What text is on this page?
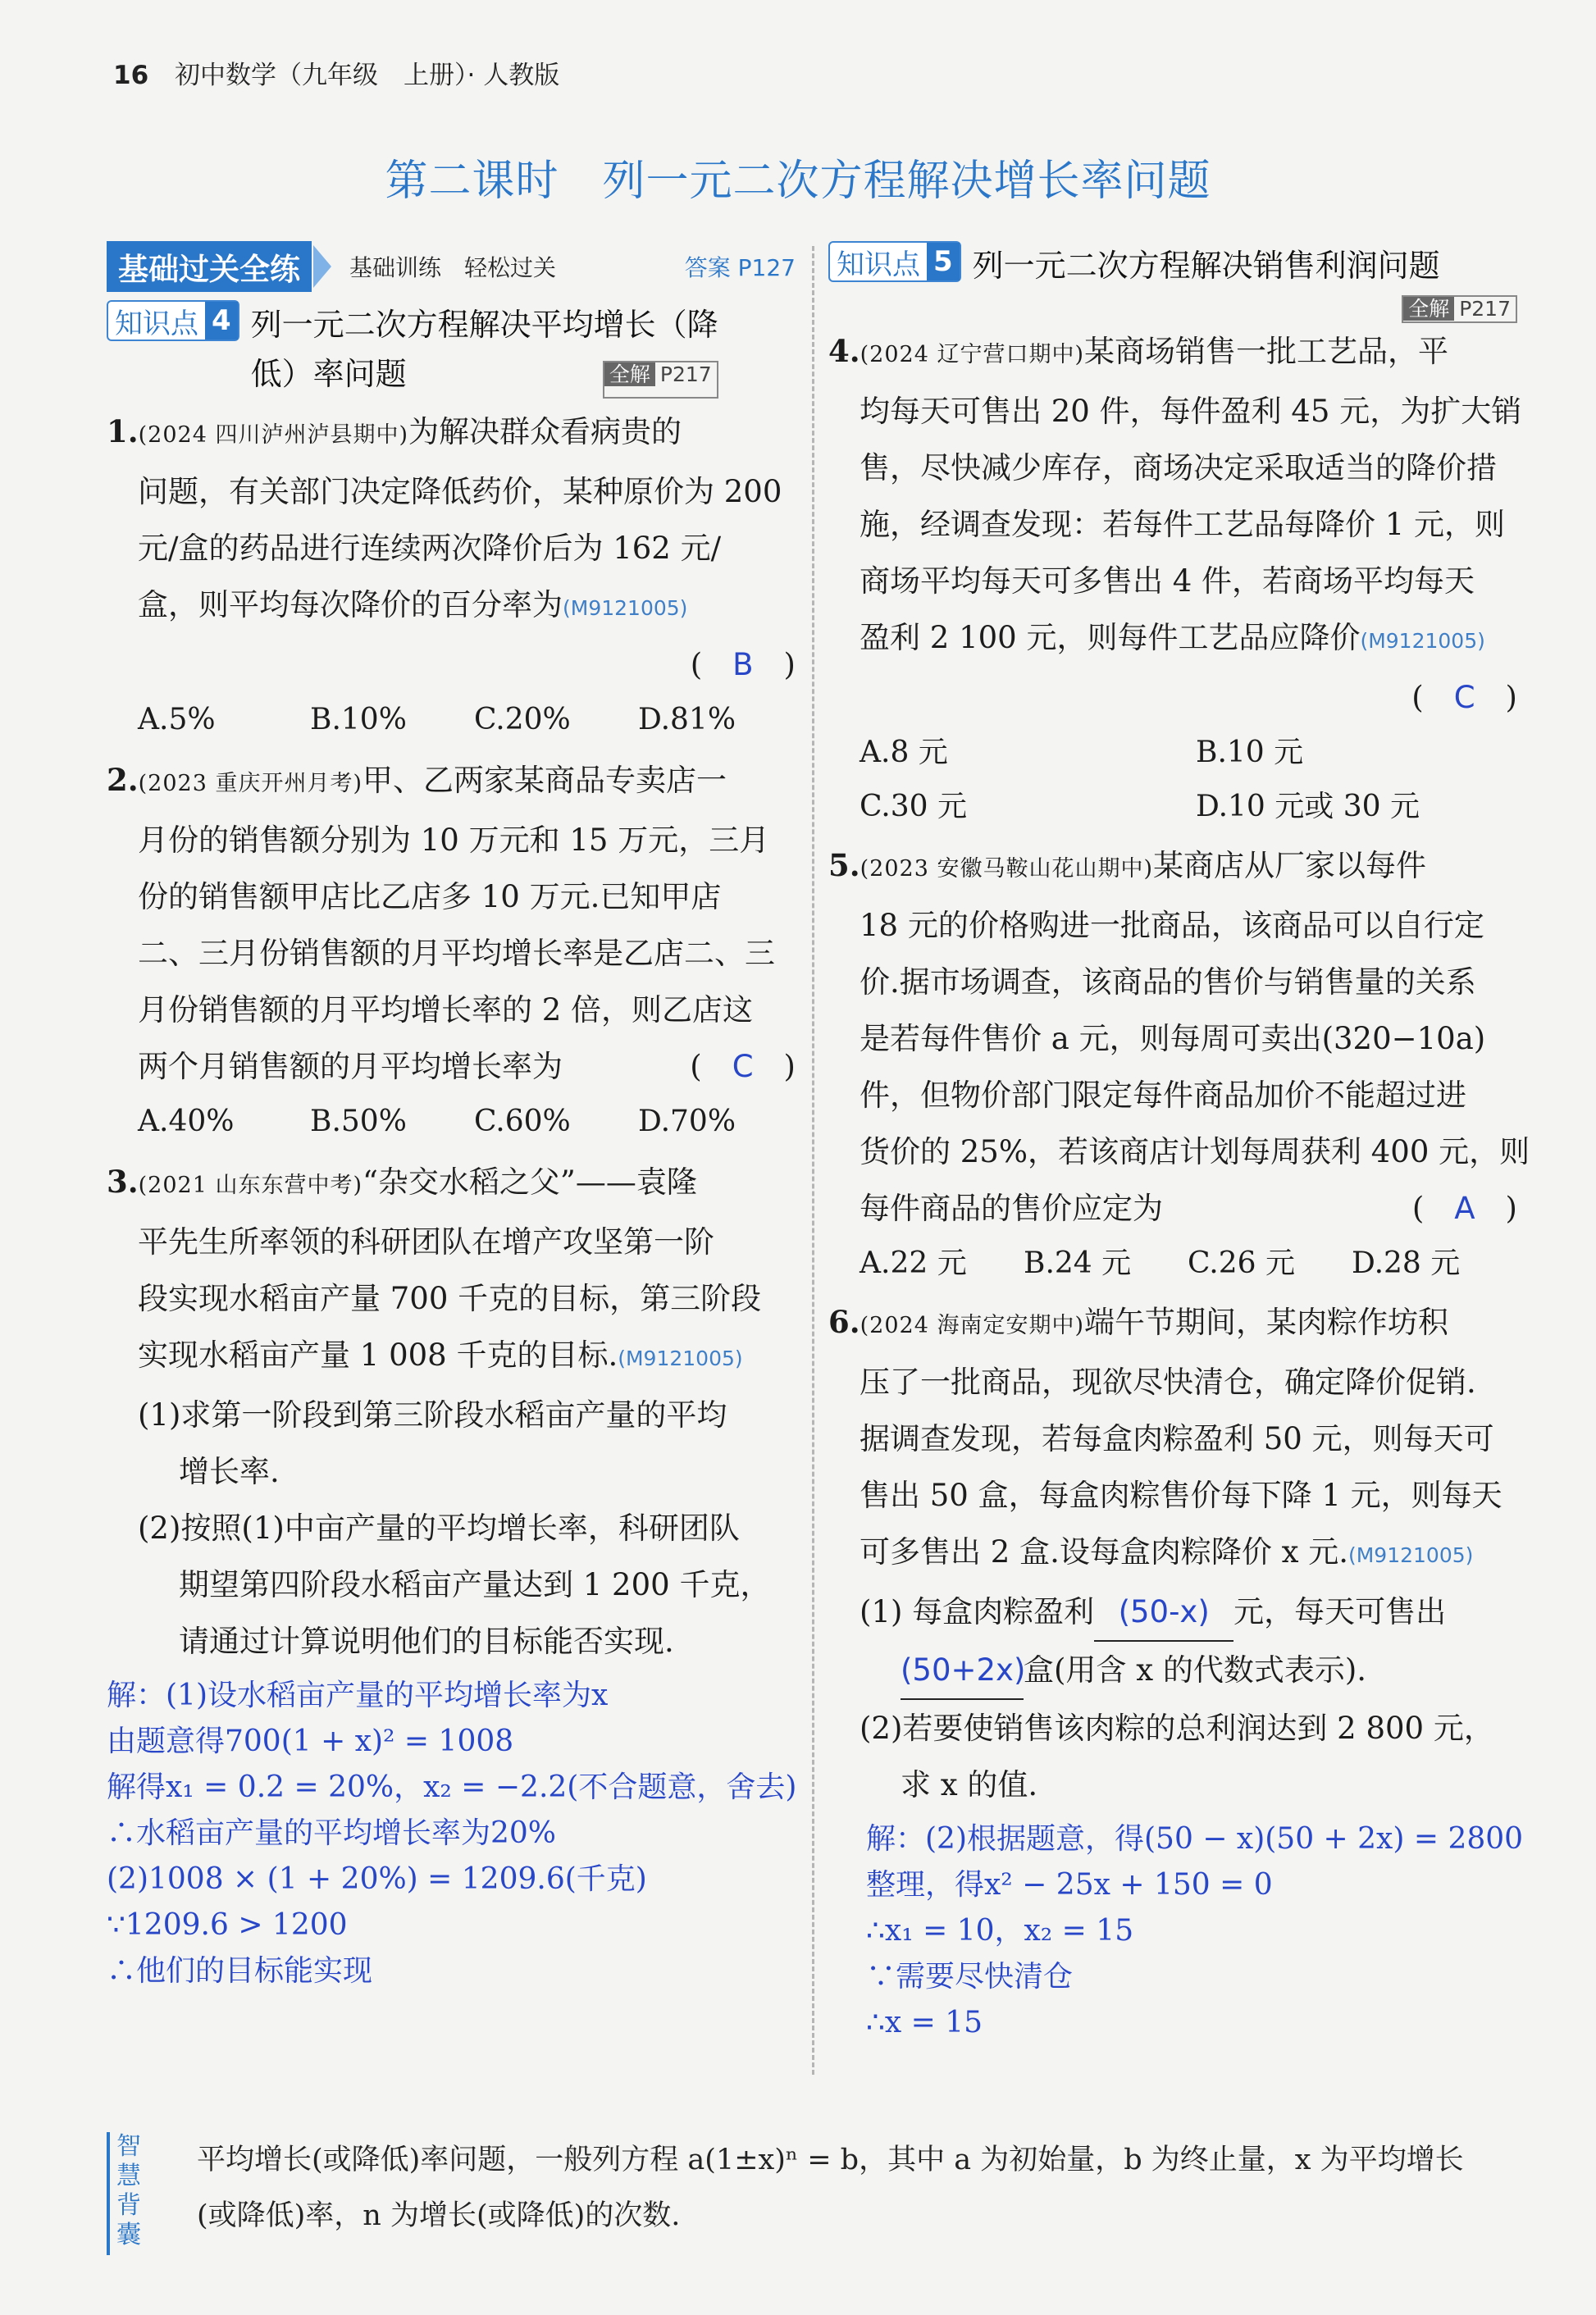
16 初中数学（九年级　上册）· 人教版
第二课时　列一元二次方程解决增长率问题
基础过关全练	基础训练　轻松过关	答案 P127
知识点 4 列一元二次方程解决平均增长（降
低）率问题	全解 P217
1.(2024 四川泸州泸县期中)为解决群众看病贵的
问题，有关部门决定降低药价，某种原价为 200
元/盒的药品进行连续两次降价后为 162 元/
盒，则平均每次降价的百分率为(M9121005)
(　B　)
A.5%	B.10%	C.20%	D.81%
2.(2023 重庆开州月考)甲、乙两家某商品专卖店一
月份的销售额分别为 10 万元和 15 万元，三月
份的销售额甲店比乙店多 10 万元.已知甲店
二、三月份销售额的月平均增长率是乙店二、三
月份销售额的月平均增长率的 2 倍，则乙店这
两个月销售额的月平均增长率为	(　C　)
A.40%	B.50%	C.60%	D.70%
3.(2021 山东东营中考)“杂交水稻之父”——袁隆
平先生所率领的科研团队在增产攻坚第一阶
段实现水稻亩产量 700 千克的目标，第三阶段
实现水稻亩产量 1 008 千克的目标.(M9121005)
(1)求第一阶段到第三阶段水稻亩产量的平均
增长率.
(2)按照(1)中亩产量的平均增长率，科研团队
期望第四阶段水稻亩产量达到 1 200 千克，
请通过计算说明他们的目标能否实现.
解：(1)设水稻亩产量的平均增长率为x
由题意得700(1 + x)² = 1008
解得x₁ = 0.2 = 20%，x₂ = −2.2(不合题意，舍去)
∴水稻亩产量的平均增长率为20%
(2)1008 × (1 + 20%) = 1209.6(千克)
∵1209.6 > 1200
∴他们的目标能实现
知识点 5 列一元二次方程解决销售利润问题
全解 P217
4.(2024 辽宁营口期中)某商场销售一批工艺品，平
均每天可售出 20 件，每件盈利 45 元，为扩大销
售，尽快减少库存，商场决定采取适当的降价措
施，经调查发现：若每件工艺品每降价 1 元，则
商场平均每天可多售出 4 件，若商场平均每天
盈利 2 100 元，则每件工艺品应降价(M9121005)
(　C　)
A.8 元	B.10 元
C.30 元	D.10 元或 30 元
5.(2023 安徽马鞍山花山期中)某商店从厂家以每件
18 元的价格购进一批商品，该商品可以自行定
价.据市场调查，该商品的售价与销售量的关系
是若每件售价 a 元，则每周可卖出(320−10a)
件，但物价部门限定每件商品加价不能超过进
货价的 25%，若该商店计划每周获利 400 元，则
每件商品的售价应定为	(　A　)
A.22 元	B.24 元	C.26 元	D.28 元
6.(2024 海南定安期中)端午节期间，某肉粽作坊积
压了一批商品，现欲尽快清仓，确定降价促销.
据调查发现，若每盒肉粽盈利 50 元，则每天可
售出 50 盒，每盒肉粽售价每下降 1 元，则每天
可多售出 2 盒.设每盒肉粽降价 x 元.(M9121005)
(1) 每盒肉粽盈利 (50-x) 元，每天可售出
(50+2x)盒(用含 x 的代数式表示).
(2)若要使销售该肉粽的总利润达到 2 800 元，
求 x 的值.
解：(2)根据题意，得(50 − x)(50 + 2x) = 2800
整理，得x² − 25x + 150 = 0
∴x₁ = 10，x₂ = 15
∵需要尽快清仓
∴x = 15
智慧背囊
平均增长(或降低)率问题，一般列方程 a(1±x)ⁿ = b，其中 a 为初始量，b 为终止量，x 为平均增长
(或降低)率，n 为增长(或降低)的次数.
